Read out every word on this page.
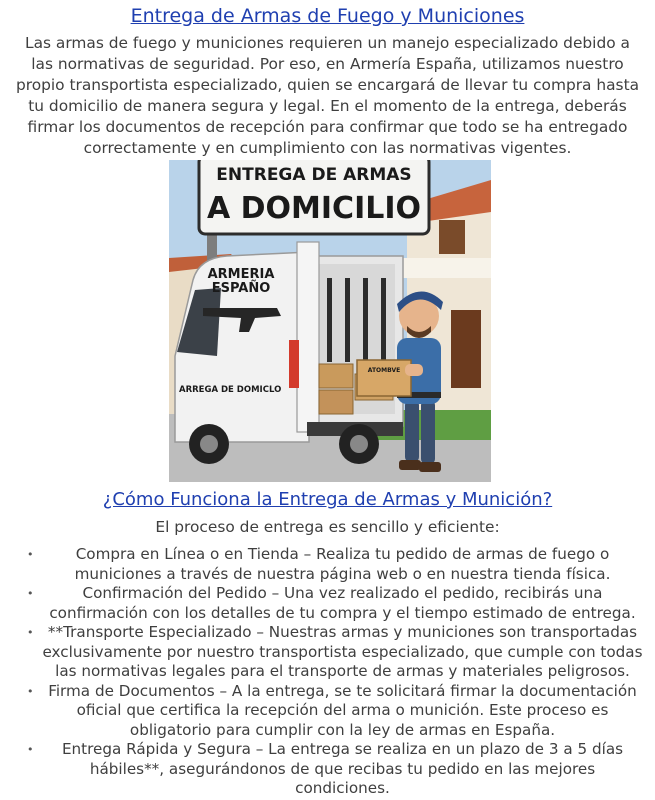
Entrega de Armas de Fuego y Municiones
Las armas de fuego y municiones requieren un manejo especializado debido a las normativas de seguridad. Por eso, en Armería España, utilizamos nuestro propio transportista especializado, quien se encargará de llevar tu compra hasta tu domicilio de manera segura y legal. En el momento de la entrega, deberás firmar los documentos de recepción para confirmar que todo se ha entregado correctamente y en cumplimiento con las normativas vigentes.
ENTREGA DE ARMAS
A DOMICILIO
ARMERIA
ESPAÑO
ARREGA DE DOMICLO
ATOMBVE
¿Cómo Funciona la Entrega de Armas y Munición?
El proceso de entrega es sencillo y eficiente:
•	Compra en Línea o en Tienda – Realiza tu pedido de armas de fuego o municiones a través de nuestra página web o en nuestra tienda física.
•	Confirmación del Pedido – Una vez realizado el pedido, recibirás una confirmación con los detalles de tu compra y el tiempo estimado de entrega.
• **Transporte Especializado – Nuestras armas y municiones son transportadas exclusivamente por nuestro transportista especializado, que cumple con todas las normativas legales para el transporte de armas y materiales peligrosos.
• Firma de Documentos – A la entrega, se te solicitará firmar la documentación oficial que certifica la recepción del arma o munición. Este proceso es obligatorio para cumplir con la ley de armas en España.
• Entrega Rápida y Segura – La entrega se realiza en un plazo de 3 a 5 días hábiles**, asegurándonos de que recibas tu pedido en las mejores condiciones.
